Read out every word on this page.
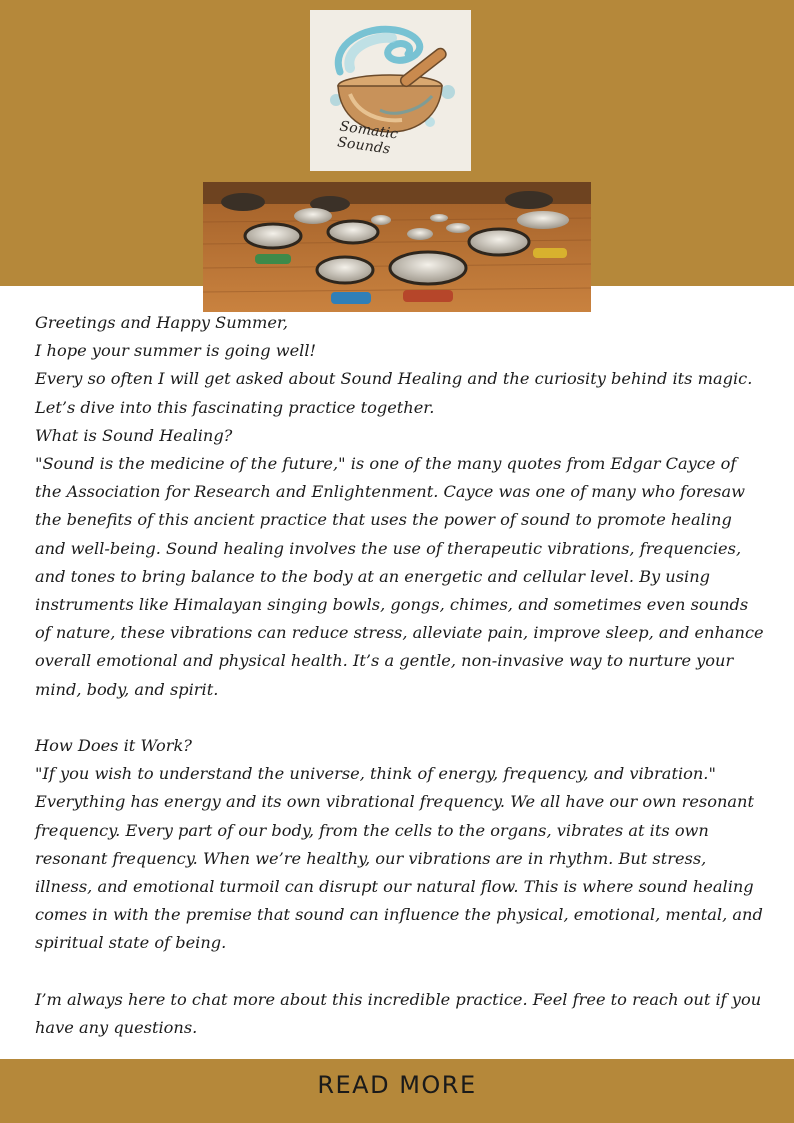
Somatic Sounds

Greetings and Happy Summer,

I hope your summer is going well!

Every so often I will get asked about Sound Healing and the curiosity behind its magic. Let’s dive into this fascinating practice together.

What is Sound Healing?

"Sound is the medicine of the future," is one of the many quotes from Edgar Cayce of the Association for Research and Enlightenment. Cayce was one of many who foresaw the benefits of this ancient practice that uses the power of sound to promote healing and well-being. Sound healing involves the use of therapeutic vibrations, frequencies, and tones to bring balance to the body at an energetic and cellular level. By using instruments like Himalayan singing bowls, gongs, chimes, and sometimes even sounds of nature, these vibrations can reduce stress, alleviate pain, improve sleep, and enhance overall emotional and physical health. It’s a gentle, non-invasive way to nurture your mind, body, and spirit.

How Does it Work?

"If you wish to understand the universe, think of energy, frequency, and vibration." Everything has energy and its own vibrational frequency. We all have our own resonant frequency. Every part of our body, from the cells to the organs, vibrates at its own resonant frequency. When we’re healthy, our vibrations are in rhythm. But stress, illness, and emotional turmoil can disrupt our natural flow. This is where sound healing comes in with the premise that sound can influence the physical, emotional, mental, and spiritual state of being.

I’m always here to chat more about this incredible practice. Feel free to reach out if you have any questions.

READ MORE
